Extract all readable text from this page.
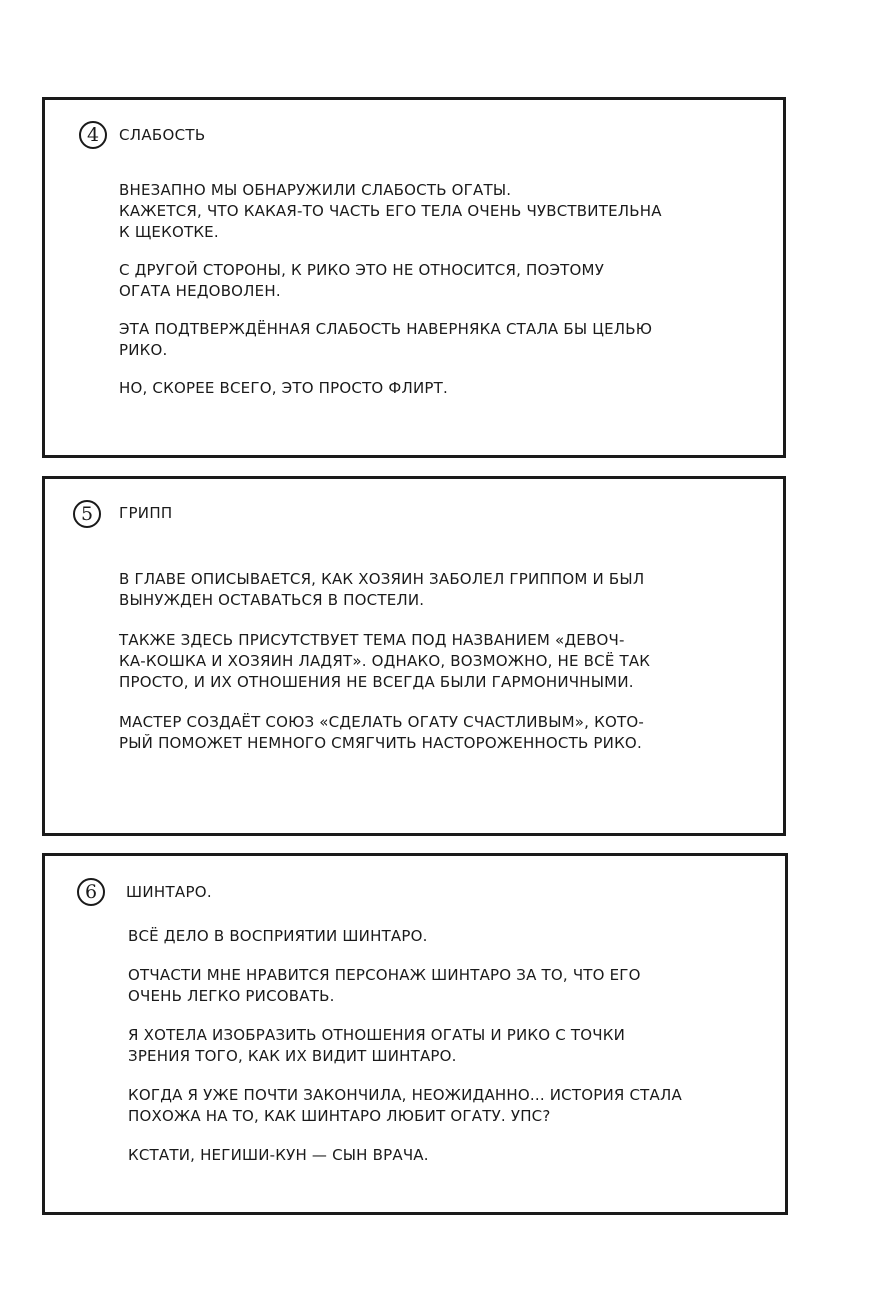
4	СЛАБОСТЬ

ВНЕЗАПНО МЫ ОБНАРУЖИЛИ СЛАБОСТЬ ОГАТЫ.
КАЖЕТСЯ, ЧТО КАКАЯ-ТО ЧАСТЬ ЕГО ТЕЛА ОЧЕНЬ ЧУВСТВИТЕЛЬНА
К ЩЕКОТКЕ.

С ДРУГОЙ СТОРОНЫ, К РИКО ЭТО НЕ ОТНОСИТСЯ, ПОЭТОМУ
ОГАТА НЕДОВОЛЕН.

ЭТА ПОДТВЕРЖДЁННАЯ СЛАБОСТЬ НАВЕРНЯКА СТАЛА БЫ ЦЕЛЬЮ
РИКО.

НО, СКОРЕЕ ВСЕГО, ЭТО ПРОСТО ФЛИРТ.

5	ГРИПП

В ГЛАВЕ ОПИСЫВАЕТСЯ, КАК ХОЗЯИН ЗАБОЛЕЛ ГРИППОМ И БЫЛ
ВЫНУЖДЕН ОСТАВАТЬСЯ В ПОСТЕЛИ.

ТАКЖЕ ЗДЕСЬ ПРИСУТСТВУЕТ ТЕМА ПОД НАЗВАНИЕМ «ДЕВОЧ-
КА-КОШКА И ХОЗЯИН ЛАДЯТ». ОДНАКО, ВОЗМОЖНО, НЕ ВСЁ ТАК
ПРОСТО, И ИХ ОТНОШЕНИЯ НЕ ВСЕГДА БЫЛИ ГАРМОНИЧНЫМИ.

МАСТЕР СОЗДАЁТ СОЮЗ «СДЕЛАТЬ ОГАТУ СЧАСТЛИВЫМ», КОТО-
РЫЙ ПОМОЖЕТ НЕМНОГО СМЯГЧИТЬ НАСТОРОЖЕННОСТЬ РИКО.

6	ШИНТАРО.

ВСЁ ДЕЛО В ВОСПРИЯТИИ ШИНТАРО.

ОТЧАСТИ МНЕ НРАВИТСЯ ПЕРСОНАЖ ШИНТАРО ЗА ТО, ЧТО ЕГО
ОЧЕНЬ ЛЕГКО РИСОВАТЬ.

Я ХОТЕЛА ИЗОБРАЗИТЬ ОТНОШЕНИЯ ОГАТЫ И РИКО С ТОЧКИ
ЗРЕНИЯ ТОГО, КАК ИХ ВИДИТ ШИНТАРО.

КОГДА Я УЖЕ ПОЧТИ ЗАКОНЧИЛА, НЕОЖИДАННО... ИСТОРИЯ СТАЛА
ПОХОЖА НА ТО, КАК ШИНТАРО ЛЮБИТ ОГАТУ. УПС?

КСТАТИ, НЕГИШИ-КУН — СЫН ВРАЧА.
